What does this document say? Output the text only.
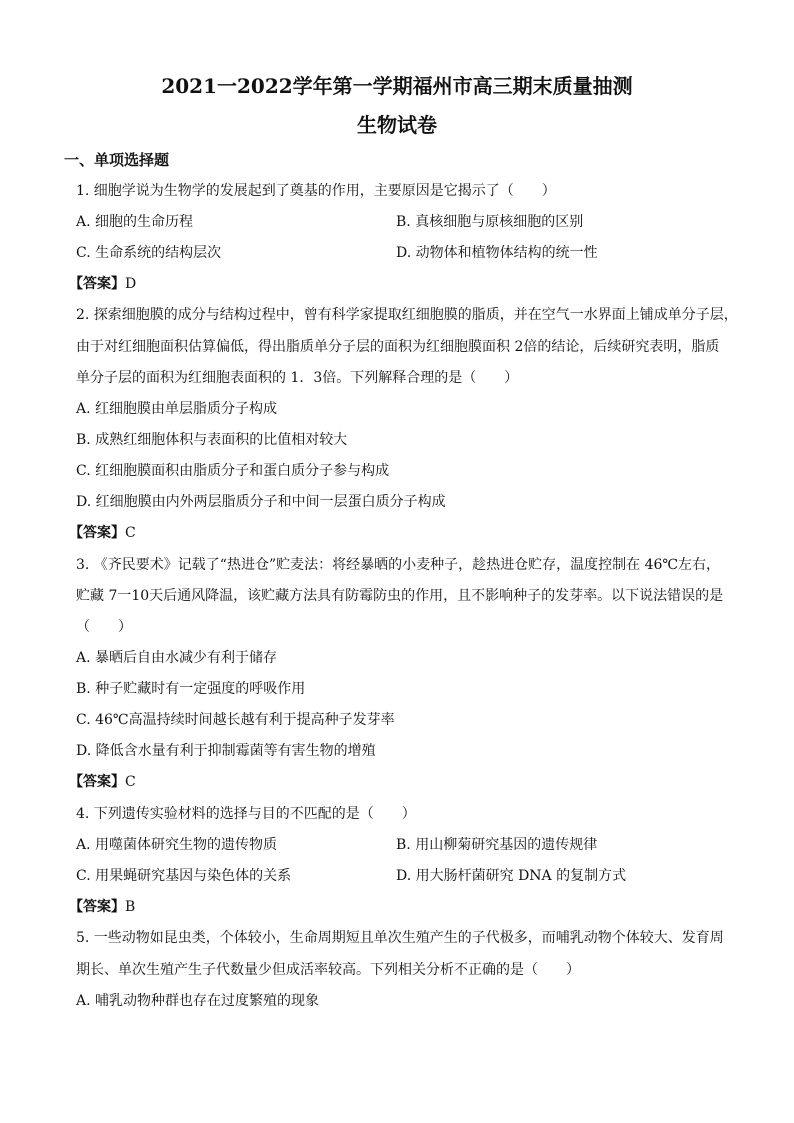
2021一2022学年第一学期福州市高三期末质量抽测
生物试卷
一、单项选择题
1. 细胞学说为生物学的发展起到了奠基的作用，主要原因是它揭示了（　　）
A. 细胞的生命历程	B. 真核细胞与原核细胞的区别
C. 生命系统的结构层次	D. 动物体和植物体结构的统一性
【答案】D
2. 探索细胞膜的成分与结构过程中，曾有科学家提取红细胞膜的脂质，并在空气一水界面上铺成单分子层，
由于对红细胞面积估算偏低，得出脂质单分子层的面积为红细胞膜面积 2倍的结论，后续研究表明，脂质
单分子层的面积为红细胞表面积的 1．3倍。下列解释合理的是（　　）
A. 红细胞膜由单层脂质分子构成
B. 成熟红细胞体积与表面积的比值相对较大
C. 红细胞膜面积由脂质分子和蛋白质分子参与构成
D. 红细胞膜由内外两层脂质分子和中间一层蛋白质分子构成
【答案】C
3. 《齐民要术》记载了“热进仓”贮麦法：将经暴晒的小麦种子，趁热进仓贮存，温度控制在 46℃左右，
贮藏 7一10天后通风降温，该贮藏方法具有防霉防虫的作用，且不影响种子的发芽率。以下说法错误的是
（　　）
A. 暴晒后自由水减少有利于储存
B. 种子贮藏时有一定强度的呼吸作用
C. 46℃高温持续时间越长越有利于提高种子发芽率
D. 降低含水量有利于抑制霉菌等有害生物的增殖
【答案】C
4. 下列遗传实验材料的选择与目的不匹配的是（　　）
A. 用噬菌体研究生物的遗传物质	B. 用山柳菊研究基因的遗传规律
C. 用果蝇研究基因与染色体的关系	D. 用大肠杆菌研究 DNA 的复制方式
【答案】B
5. 一些动物如昆虫类，个体较小，生命周期短且单次生殖产生的子代极多，而哺乳动物个体较大、发育周
期长、单次生殖产生子代数量少但成活率较高。下列相关分析不正确的是（　　）
A. 哺乳动物种群也存在过度繁殖的现象
